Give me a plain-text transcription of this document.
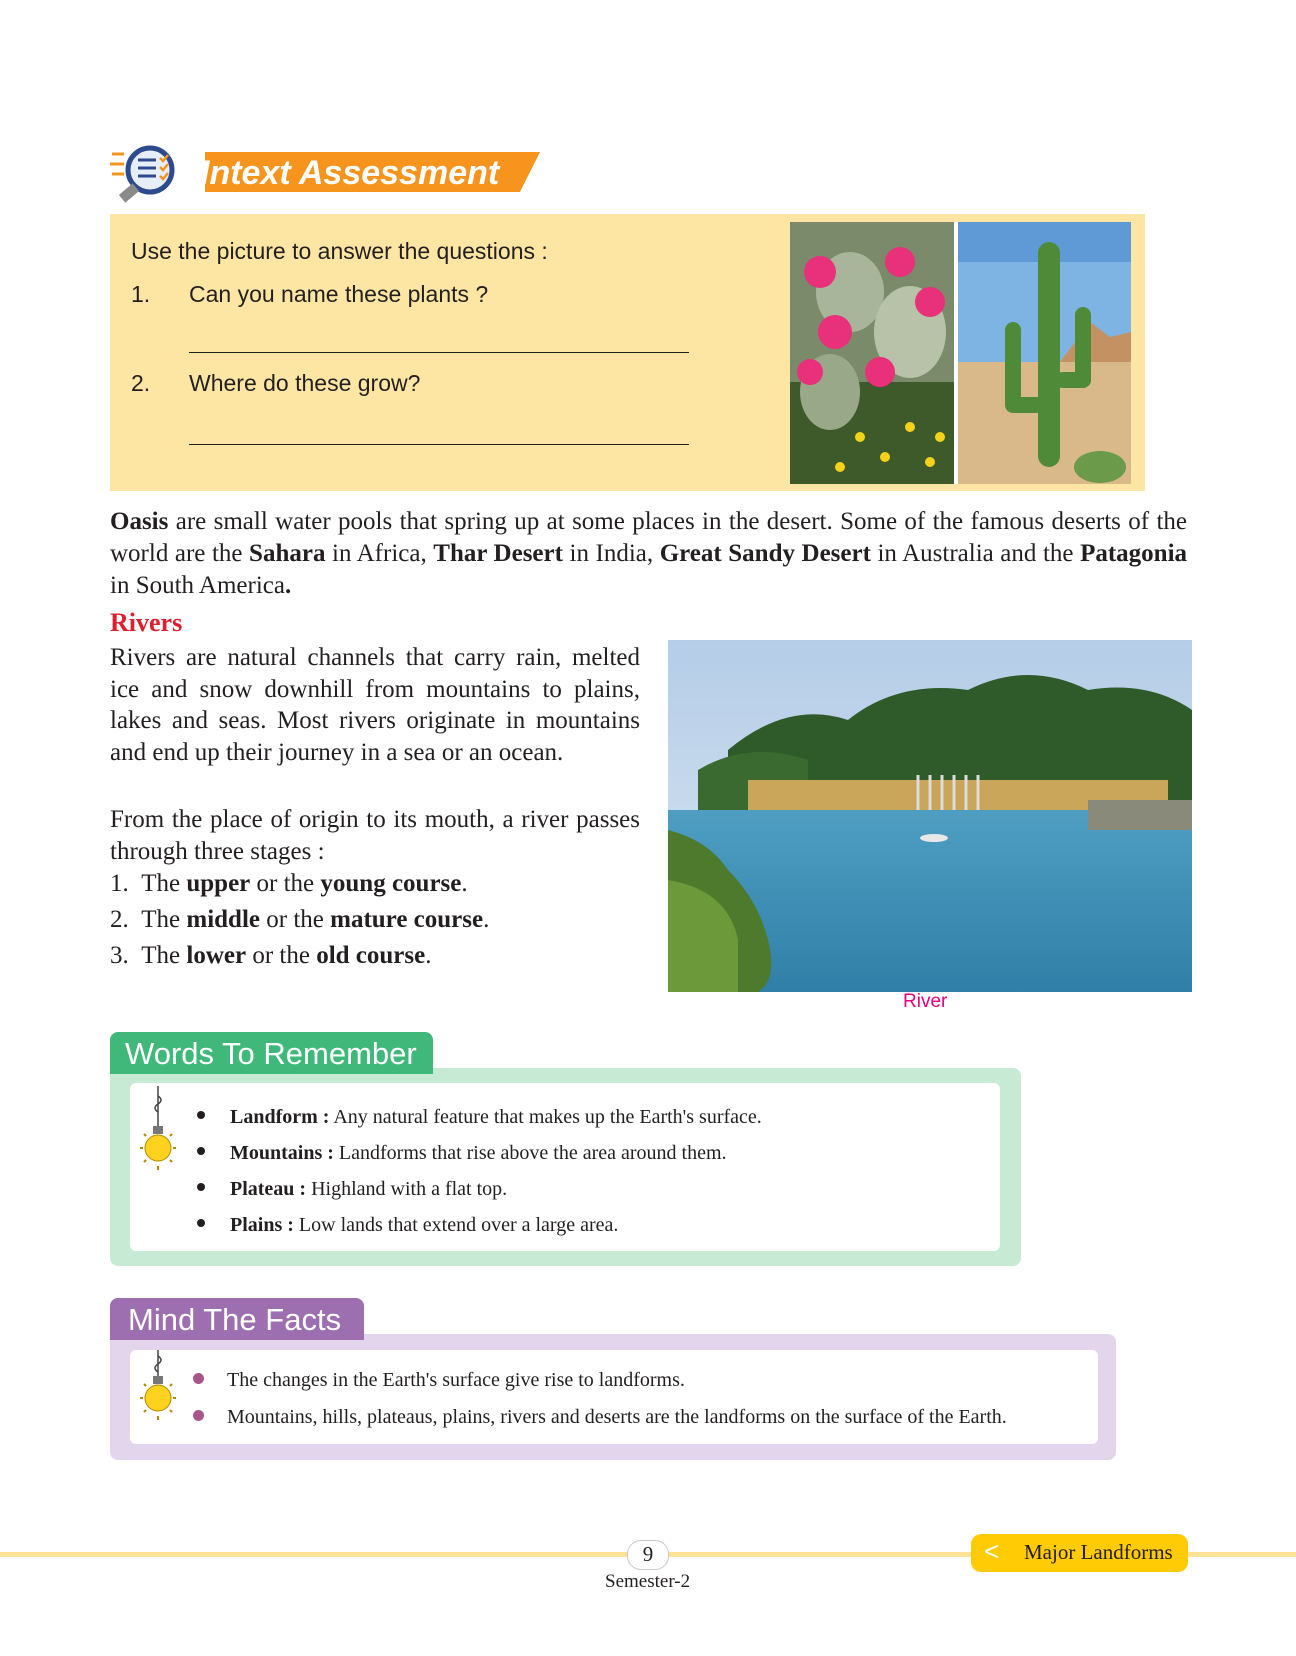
Intext Assessment
Use the picture to answer the questions :
1. Can you name these plants ?
2. Where do these grow?
Oasis are small water pools that spring up at some places in the desert. Some of the famous deserts of the world are the Sahara in Africa, Thar Desert in India, Great Sandy Desert in Australia and the Patagonia in South America.
Rivers
Rivers are natural channels that carry rain, melted ice and snow downhill from mountains to plains, lakes and seas. Most rivers originate in mountains and end up their journey in a sea or an ocean.
From the place of origin to its mouth, a river passes through three stages :
1. The upper or the young course.
2. The middle or the mature course.
3. The lower or the old course.
River
Words To Remember
Landform : Any natural feature that makes up the Earth's surface.
Mountains : Landforms that rise above the area around them.
Plateau : Highland with a flat top.
Plains : Low lands that extend over a large area.
Mind The Facts
The changes in the Earth's surface give rise to landforms.
Mountains, hills, plateaus, plains, rivers and deserts are the landforms on the surface of the Earth.
9
Semester-2
< Major Landforms
